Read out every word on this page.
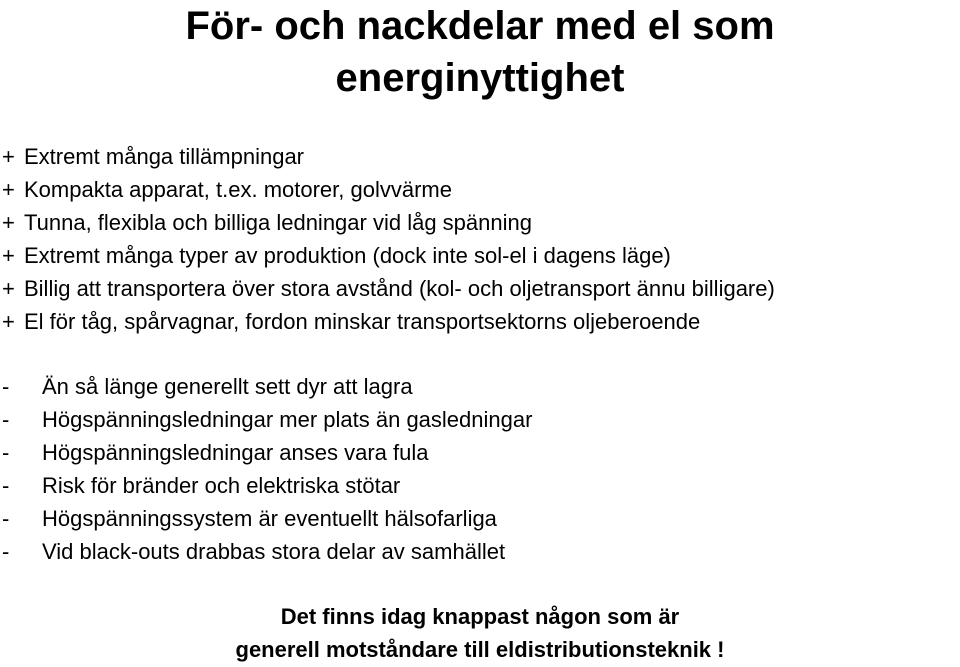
För- och nackdelar med el som
energinyttighet
+ Extremt många tillämpningar
+ Kompakta apparat, t.ex. motorer, golvvärme
+ Tunna, flexibla och billiga ledningar vid låg spänning
+ Extremt många typer av produktion (dock inte sol-el i dagens läge)
+ Billig att transportera över stora avstånd (kol- och oljetransport ännu billigare)
+ El för tåg, spårvagnar, fordon minskar transportsektorns oljeberoende
- Än så länge generellt sett dyr att lagra
- Högspänningsledningar mer plats än gasledningar
- Högspänningsledningar anses vara fula
- Risk för bränder och elektriska stötar
- Högspänningssystem är eventuellt hälsofarliga
- Vid black-outs drabbas stora delar av samhället
Det finns idag knappast någon som är
generell motståndare till eldistributionsteknik !
